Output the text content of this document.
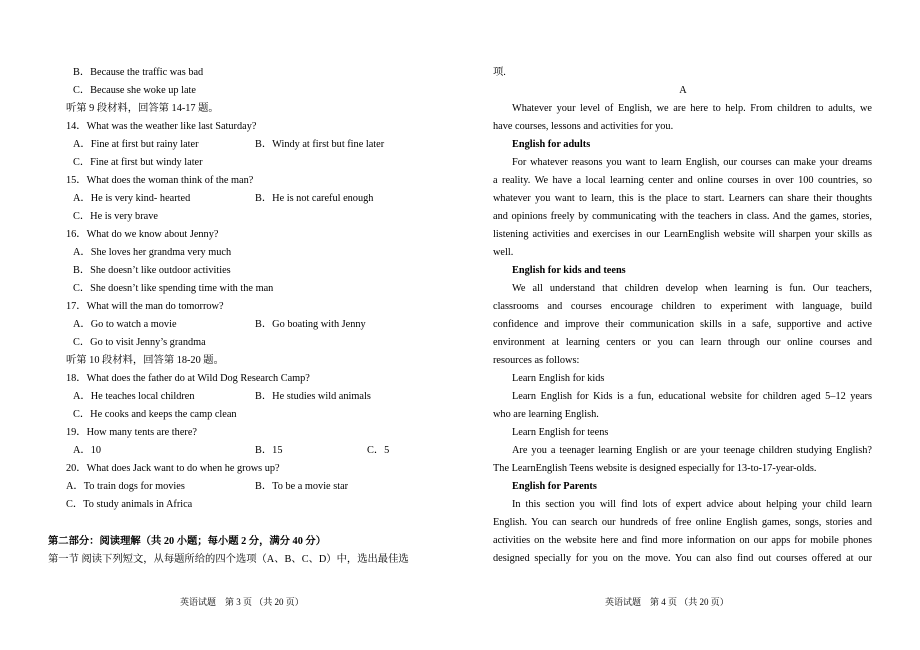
B．Because the traffic was bad
C．Because she woke up late
听第 9 段材料，回答第 14-17 题。
14．What was the weather like last Saturday?
A．Fine at first but rainy later	B．Windy at first but fine later
C．Fine at first but windy later
15．What does the woman think of the man?
A．He is very kind- hearted	B．He is not careful enough
C．He is very brave
16．What do we know about Jenny?
A．She loves her grandma very much
B．She doesn’t like outdoor activities
C．She doesn’t like spending time with the man
17．What will the man do tomorrow?
A．Go to watch a movie	B．Go boating with Jenny
C．Go to visit Jenny’s grandma
听第 10 段材料，回答第 18-20 题。
18．What does the father do at Wild Dog Research Camp?
A．He teaches local children	B．He studies wild animals
C．He cooks and keeps the camp clean
19．How many tents are there?
A．10	B．15	C．5
20．What does Jack want to do when he grows up?
A．To train dogs for movies	B．To be a movie star
C．To study animals in Africa
第二部分：阅读理解（共 20 小题；每小题 2 分，满分 40 分）
第一节 阅读下列短文，从每题所给的四个选项（A、B、C、D）中，选出最佳选
英语试题　第 3 页 （共 20 页）
项.
A
Whatever your level of English, we are here to help. From children to adults, we
have courses, lessons and activities for you.
English for adults
For whatever reasons you want to learn English, our courses can make your dreams
a reality. We have a local learning center and online courses in over 100 countries, so
whatever you want to learn, this is the place to start. Learners can share their thoughts
and opinions freely by communicating with the teachers in class. And the games, stories,
listening activities and exercises in our LearnEnglish website will sharpen your skills as
well.
English for kids and teens
We all understand that children develop when learning is fun. Our teachers,
classrooms and courses encourage children to experiment with language, build
confidence and improve their communication skills in a safe, supportive and active
environment at learning centers or you can learn through our online courses and
resources as follows:
Learn English for kids
Learn English for Kids is a fun, educational website for children aged 5–12 years
who are learning English.
Learn English for teens
Are you a teenager learning English or are your teenage children studying English?
The LearnEnglish Teens website is designed especially for 13-to-17-year-olds.
English for Parents
In this section you will find lots of expert advice about helping your child learn
English. You can search our hundreds of free online English games, songs, stories and
activities on the website here and find more information on our apps for mobile phones
designed specially for you on the move. You can also find out courses offered at our
英语试题　第 4 页 （共 20 页）
